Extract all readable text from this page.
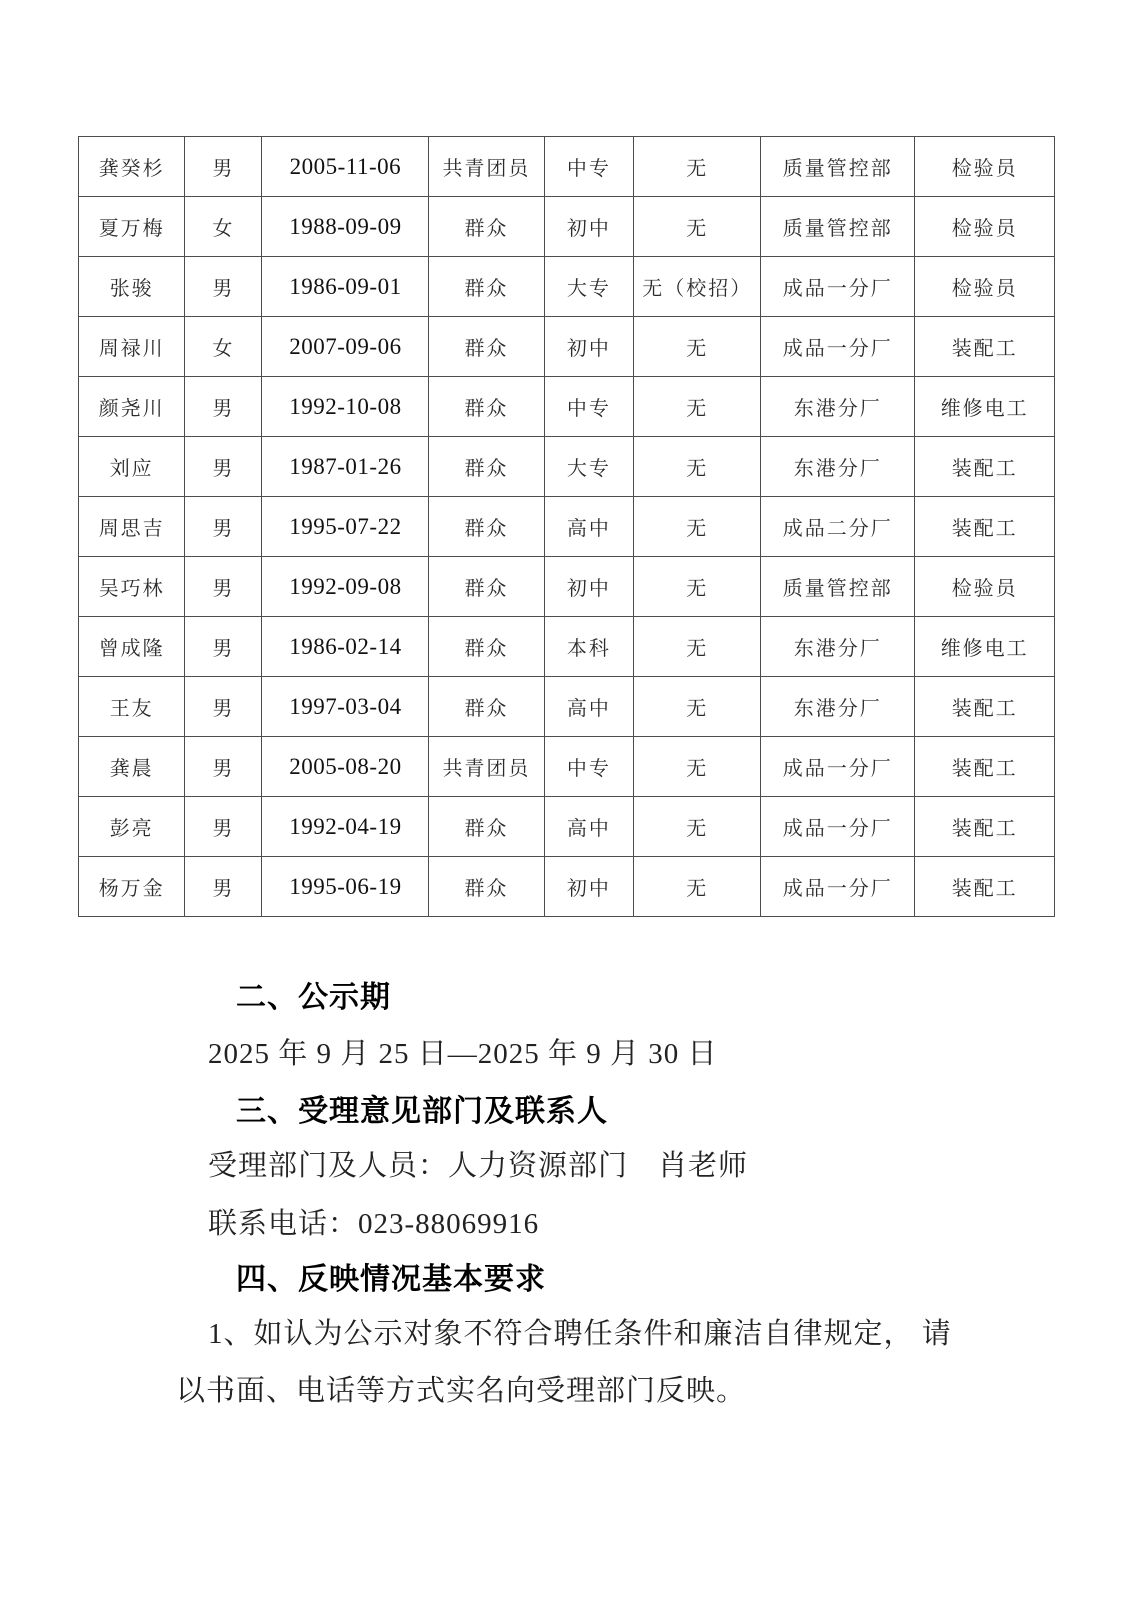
龚癸杉	男	2005-11-06	共青团员	中专	无	质量管控部	检验员
夏万梅	女	1988-09-09	群众	初中	无	质量管控部	检验员
张骏	男	1986-09-01	群众	大专	无（校招）	成品一分厂	检验员
周禄川	女	2007-09-06	群众	初中	无	成品一分厂	装配工
颜尧川	男	1992-10-08	群众	中专	无	东港分厂	维修电工
刘应	男	1987-01-26	群众	大专	无	东港分厂	装配工
周思吉	男	1995-07-22	群众	高中	无	成品二分厂	装配工
吴巧林	男	1992-09-08	群众	初中	无	质量管控部	检验员
曾成隆	男	1986-02-14	群众	本科	无	东港分厂	维修电工
王友	男	1997-03-04	群众	高中	无	东港分厂	装配工
龚晨	男	2005-08-20	共青团员	中专	无	成品一分厂	装配工
彭亮	男	1992-04-19	群众	高中	无	成品一分厂	装配工
杨万金	男	1995-06-19	群众	初中	无	成品一分厂	装配工
二、公示期
2025 年 9 月 25 日—2025 年 9 月 30 日
三、受理意见部门及联系人
受理部门及人员：人力资源部门　肖老师
联系电话：023-88069916
四、反映情况基本要求
1、如认为公示对象不符合聘任条件和廉洁自律规定， 请
以书面、电话等方式实名向受理部门反映。
